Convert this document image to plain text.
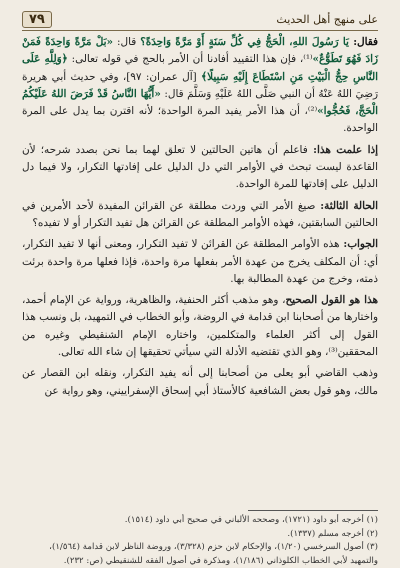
على منهج أهل الحديث
٧٩

فقال: يَا رَسُولَ اللهِ، الْحَجُّ فِي كُلِّ سَنَةٍ أَوْ مَرَّةً وَاحِدَةً؟ قال: «بَلْ مَرَّةً وَاحِدَةً فَمَنْ زَادَ فَهُوَ تَطَوُّعٌ»⁽¹⁾، فإن هذا التقييد أفادنا أن الأمر بالحج في قوله تعالى: ﴿وَلِلَّهِ عَلَى النَّاسِ حِجُّ الْبَيْتِ مَنِ اسْتَطَاعَ إِلَيْهِ سَبِيلًا﴾ [آل عمران: ٩٧]، وفي حديث أبي هريرة رَضِيَ اللهُ عَنْهُ أن النبي صَلَّى اللهُ عَلَيْهِ وَسَلَّمَ قال: «أَيُّهَا النَّاسُ قَدْ فَرَضَ اللهُ عَلَيْكُمُ الْحَجَّ، فَحُجُّوا»⁽²⁾، أن هذا الأمر يفيد المرة الواحدة؛ لأنه اقترن بما يدل على المرة الواحدة.

إذا علمت هذا: فاعلم أن هاتين الحالتين لا تعلق لهما بما نحن بصدد شرحه؛ لأن القاعدة ليست تبحث في الأوامر التي دل الدليل على إفادتها التكرار، ولا فيما دل الدليل على إفادتها للمرة الواحدة.

الحالة الثالثة: صيغ الأمر التي وردت مطلقة عن القرائن المفيدة لأحد الأمرين في الحالتين السابقتين، فهذه الأوامر المطلقة عن القرائن هل تفيد التكرار أو لا تفيده؟

الجواب: هذه الأوامر المطلقة عن القرائن لا تفيد التكرار، ومعنى أنها لا تفيد التكرار، أي: أن المكلف يخرج من عهدة الأمر بفعلها مرة واحدة، فإذا فعلها مرة واحدة برئت ذمته، وخرج من عهدة المطالبة بها.

هذا هو القول الصحيح، وهو مذهب أكثر الحنفية، والظاهرية، ورواية عن الإمام أحمد، واختارها من أصحابنا ابن قدامة في الروضة، وأبو الخطاب في التمهيد، بل ونسب هذا القول إلى أكثر العلماء والمتكلمين، واختاره الإمام الشنقيطي وغيره من المحققين⁽³⁾، وهو الذي تقتضيه الأدلة التي سيأتي تحقيقها إن شاء الله تعالى.

وذهب القاضي أبو يعلى من أصحابنا إلى أنه يفيد التكرار، ونقله ابن القصار عن مالك، وهو قول بعض الشافعية كالأستاذ أبي إسحاق الإسفراييني، وهو رواية عن

(١) أخرجه أبو داود (١٧٢١)، وصححه الألباني في صحيح أبي داود (١٥١٤).
(٢) أخرجه مسلم (١٣٣٧).
(٣) أصول السرخسي (١/٢٠)، والإحكام لابن حزم (٣/٣٢٨)، وروضة الناظر لابن قدامة (١/٥٦٤)،
والتمهيد لأبي الخطاب الكلوذاني (١/١٨٦)، ومذكرة في أصول الفقه للشنقيطي (ص: ٢٣٢).
